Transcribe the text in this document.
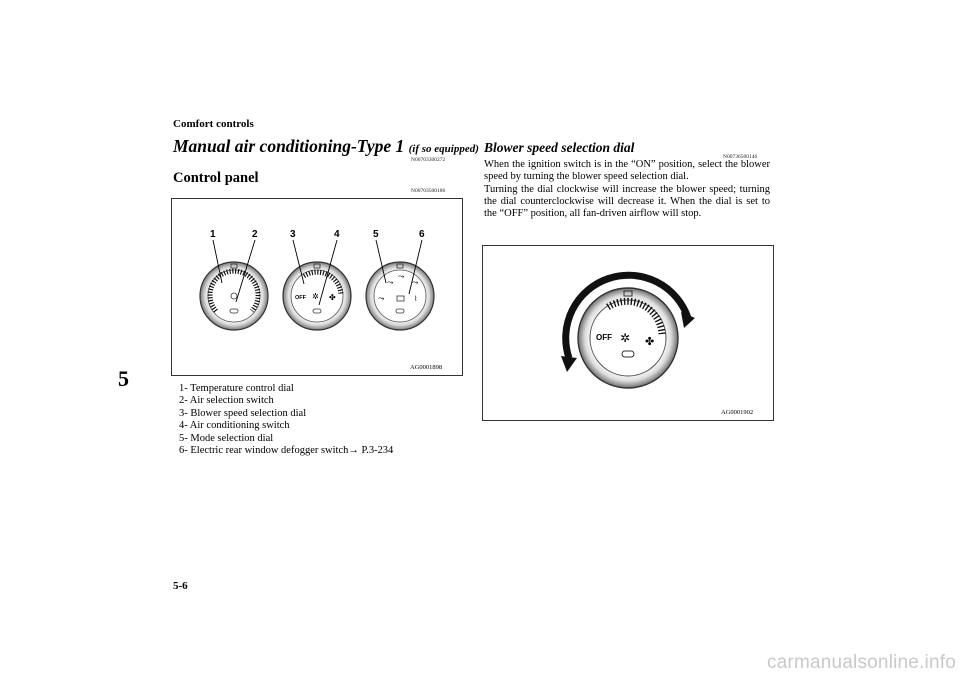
Comfort controls
5
Manual air conditioning-Type 1 (if so equipped)
N00703300272
Control panel
N00703500186
1	2	3	4	5	6
OFF ✲ ✤	⤳
⤳
⤳
⤳
⌇
AG0001898
1- Temperature control dial
2- Air selection switch
3- Blower speed selection dial
4- Air conditioning switch
5- Mode selection dial
6- Electric rear window defogger switch→ P.3-234
Blower speed selection dial
N00736500146

When the ignition switch is in the “ON” position, select the blower speed by turning the blower speed selection dial.

Turning the dial clockwise will increase the blower speed; turning the dial counterclockwise will decrease it. When the dial is set to the “OFF” position, all fan-driven airflow will stop.

OFF ✲ ✤
AG0001902
5-6
carmanualsonline.info
